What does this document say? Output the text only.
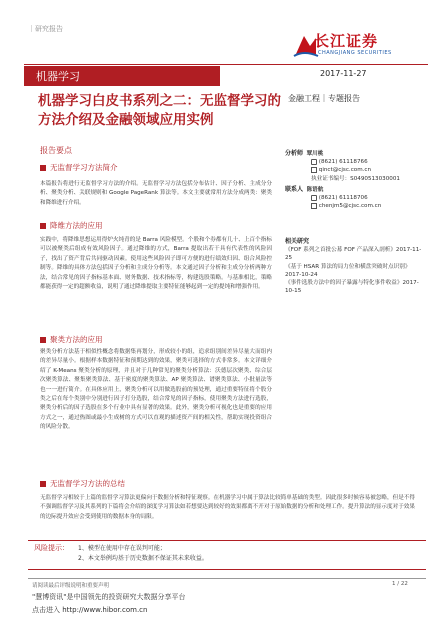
｜研究报告
长江证券
CHANGJIANG SECURITIES
机器学习	2017-11-27
机器学习白皮书系列之二：无监督学习的方法介绍及金融领域应用实例
金融工程｜专题报告
报告要点
无监督学习方法简介
本篇报告将进行无监督学习方法的介绍。无监督学习方法包括分布估计、因子分析、主成分分析、聚类分析、关联规则和 Google PageRank 算法等。本文主要就常用方法分成两类：聚类和降维进行介绍。
降维方法的应用
实践中，将降维思想运用得炉火纯青的是 Barra 风险模型。个股和个券都有几十、上百个指标可以被聚类后组成有效风险因子。通过降维的方式，Barra 提取出若干具有代表性的风险因子，找出了资产背后共同驱动因素。使用这些风险因子即可方便的进行绩效归因、组合风险控制等。降维的具体方法包括因子分析和主成分分析等。本文通过因子分析和主成分分析两种方法，结合常见的因子指标基本面、财务数据、技术指标等，构建选股策略。与基准相比，策略都能获得一定的超额收益，说明了通过降维提取主要特征能够起到一定的提纯和增强作用。
聚类方法的应用
聚类分析方法基于相似性概念将数据集再划分，形成较小的组，追求组别间差异尽量大而组内的差异尽量小。根据样本数据特征和预期达到的效果，聚类可选择的方式非常多。本文详细介绍了 K-Means 聚类分析的原理，并且对于几种常见的聚类分析算法：沃德层次聚类、综合层次聚类算法、聚集聚类算法、基于密度的聚类算法、AP 聚类算法、谱聚类算法、小批量法等也一一进行简介。在具体应用上，聚类分析可以用做选股前的预处理，通过重要特征将个股分类之后在每个类别中分别进行因子打分选股，结合常见的因子指标，使用聚类方法进行选股，聚类分析后的因子选股在多个行业中具有显著的效果。此外，聚类分析可视化也是重要的应用方式之一，通过热图或最小生成树的方式可以直观的描述资产间的相关性，帮助实现投资组合的风险分散。
无监督学习方法的总结
无监督学习相较于上篇的监督学习算法更偏向于数据分析和特征观察。在机器学习中属于算法比较简单基础的类型。因此很多时候容易被忽略，但是不得不强调监督学习及其系列的下篇将会介绍的深度学习算法如若想要达到较好的效果都离不开对于原始数据的分析和处理工作。提升算法的显示度对于效果的边际提升效应会受到使用的数据本身的局限。
分析师 覃川桃
(8621) 61118766
qinct@cjsc.com.cn
执业证书编号：S0490513030001
联系人 陈语航
(8621) 61118706
chenjm5@cjsc.com.cn
相关研究
《FOF 系列之首批公募 FOF 产品深入剖析》2017-11-25
《基于 HSAR 算法的局力位和横盘突破时点识别》2017-10-24
《事件选股方法中的因子暴露与特化事件收益》2017-10-15
风险提示： 1、模型在使用中存在误判可能；
2、本文举例均基于历史数据不保证其未来收益。
请阅读最后评级说明和重要声明	1 / 22
"慧博资讯"是中国领先的投资研究大数据分享平台
点击进入 http://www.hibor.com.cn
